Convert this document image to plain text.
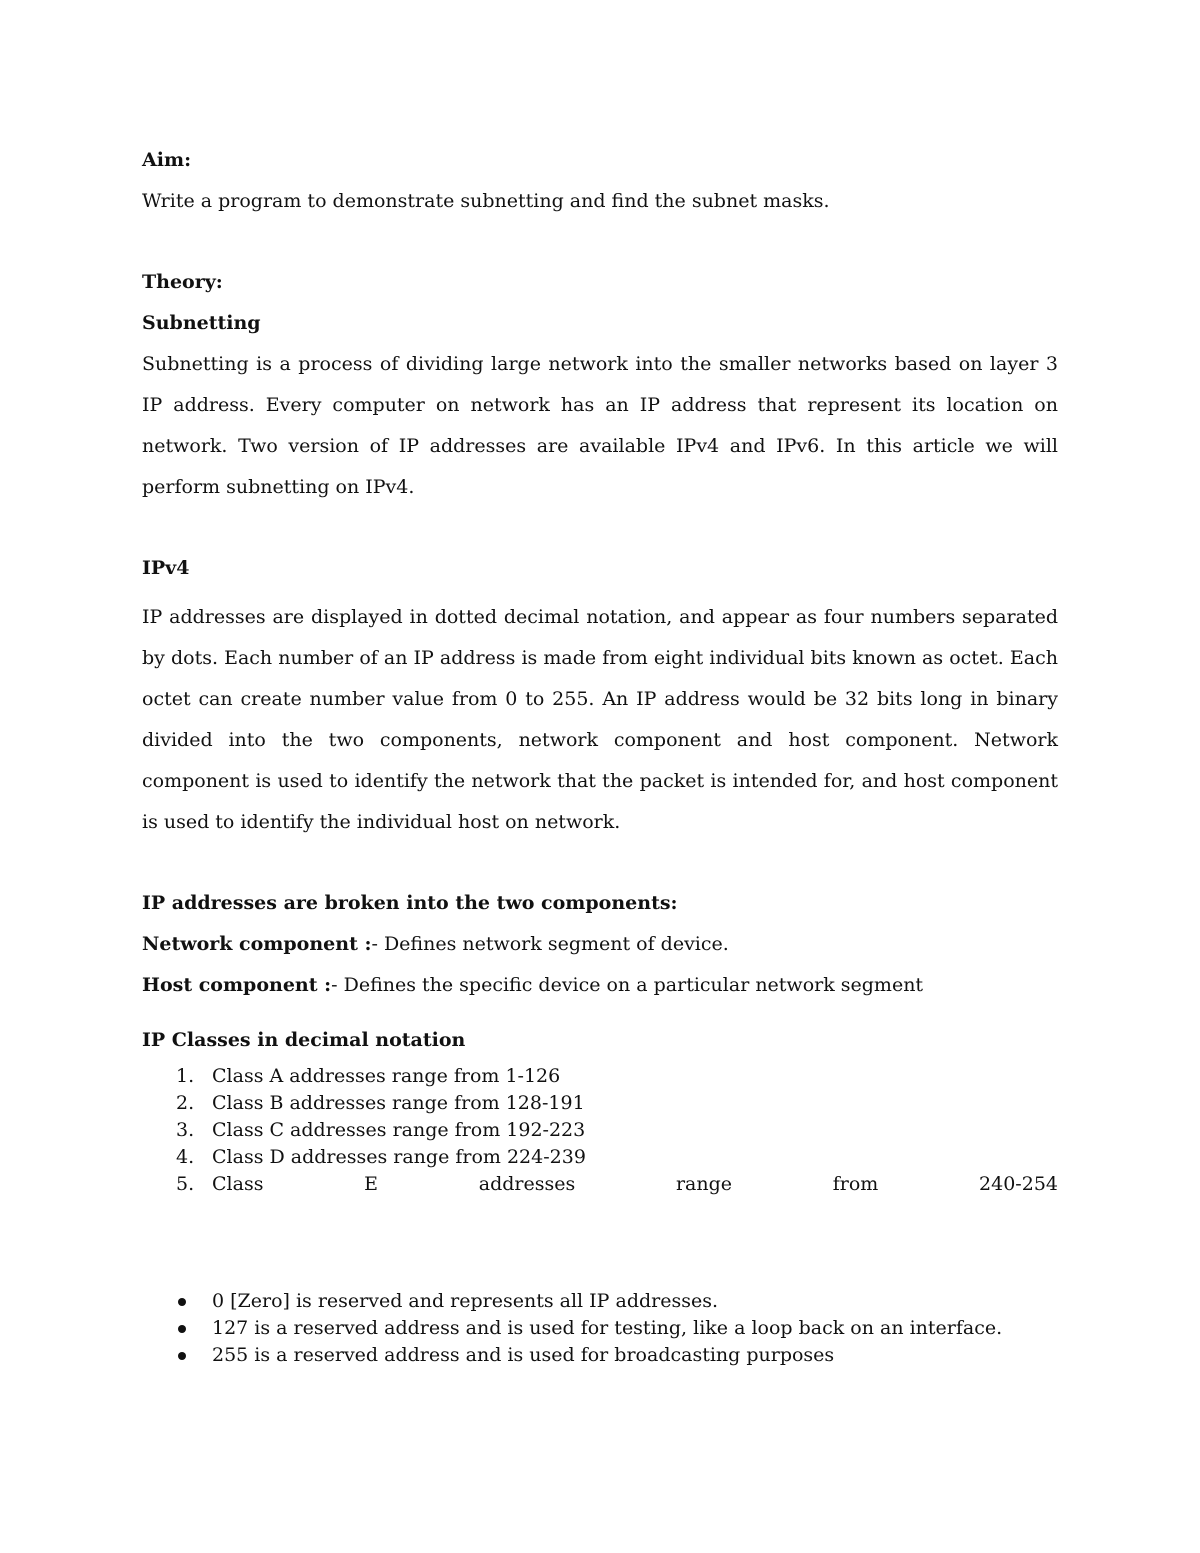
Aim:
Write a program to demonstrate subnetting and find the subnet masks.
Theory:
Subnetting

Subnetting is a process of dividing large network into the smaller networks based on layer 3 IP address. Every computer on network has an IP address that represent its location on network. Two version of IP addresses are available IPv4 and IPv6. In this article we will perform subnetting on IPv4.

IPv4

IP addresses are displayed in dotted decimal notation, and appear as four numbers separated by dots. Each number of an IP address is made from eight individual bits known as octet. Each octet can create number value from 0 to 255. An IP address would be 32 bits long in binary divided into the two components, network component and host component. Network component is used to identify the network that the packet is intended for, and host component is used to identify the individual host on network.

IP addresses are broken into the two components:
Network component :- Defines network segment of device.
Host component :- Defines the specific device on a particular network segment
IP Classes in decimal notation
1. Class A addresses range from 1-126
2. Class B addresses range from 128-191
3. Class C addresses range from 192-223
4. Class D addresses range from 224-239
5. Class	E	addresses	range	from	240-254
0 [Zero] is reserved and represents all IP addresses.
127 is a reserved address and is used for testing, like a loop back on an interface.
255 is a reserved address and is used for broadcasting purposes
